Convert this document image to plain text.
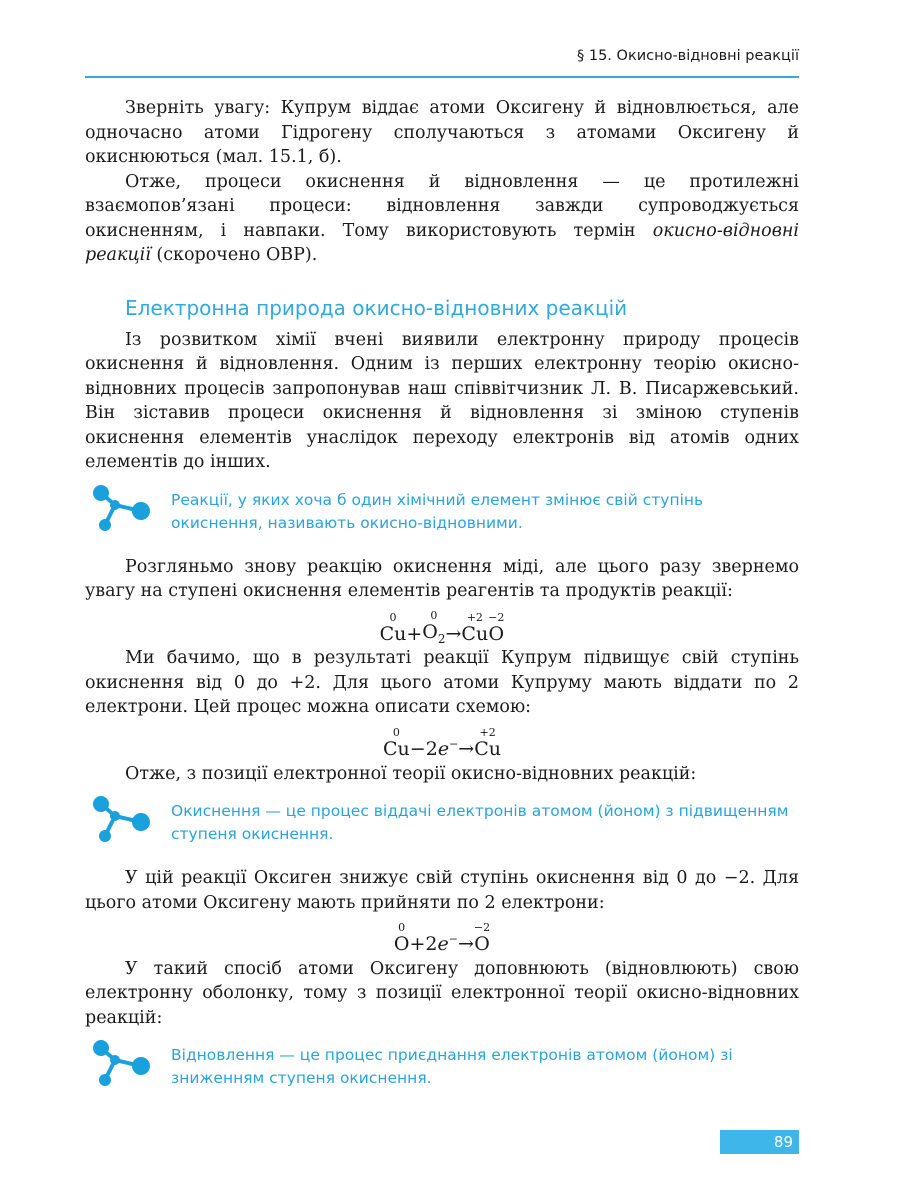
§ 15. Окисно-відновні реакції

Зверніть увагу: Купрум віддає атоми Оксигену й відновлюється, але одночасно атоми Гідрогену сполучаються з атомами Оксигену й окиснюються (мал. 15.1, б).

Отже, процеси окиснення й відновлення — це протилежні взаємопов’язані процеси: відновлення завжди супроводжується окисненням, і навпаки. Тому використовують термін окисно-відновні реакції (скорочено ОВР).

Електронна природа окисно-відновних реакцій

Із розвитком хімії вчені виявили електронну природу процесів окиснення й відновлення. Одним із перших електронну теорію окисно-відновних процесів запропонував наш співвітчизник Л. В. Писаржевський. Він зіставив процеси окиснення й відновлення зі зміною ступенів окиснення елементів унаслідок переходу електронів від атомів одних елементів до інших.

Реакції, у яких хоча б один хімічний елемент змінює свій ступінь окиснення, називають окисно-відновними.

Розгляньмо знову реакцію окиснення міді, але цього разу звернемо увагу на ступені окиснення елементів реагентів та продуктів реакції:

0
Cu
+
0
$O_2$
→
+2
Cu
−2
O

Ми бачимо, що в результаті реакції Купрум підвищує свій ступінь окиснення від 0 до +2. Для цього атоми Купруму мають віддати по 2 електрони. Цей процес можна описати схемою:

0
Cu
−
2e−
→
+2
Cu

Отже, з позиції електронної теорії окисно-відновних реакцій:

Окиснення — це процес віддачі електронів атомом (йоном) з підвищенням ступеня окиснення.

У цій реакції Оксиген знижує свій ступінь окиснення від 0 до −2. Для цього атоми Оксигену мають прийняти по 2 електрони:

0
O
+
2e−
→
−2
O

У такий спосіб атоми Оксигену доповнюють (відновлюють) свою електронну оболонку, тому з позиції електронної теорії окисно-відновних реакцій:

Відновлення — це процес приєднання електронів атомом (йоном) зі зниженням ступеня окиснення.
89
